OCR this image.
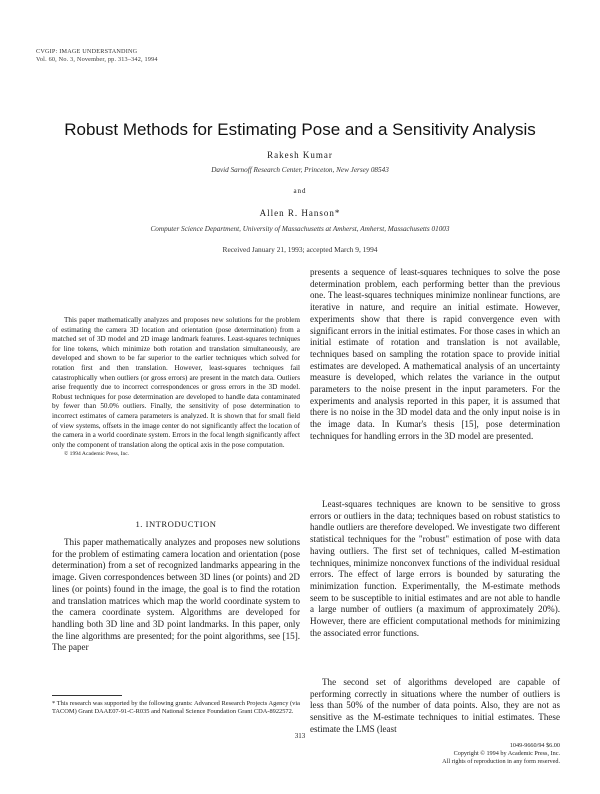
CVGIP: IMAGE UNDERSTANDING
Vol. 60, No. 3, November, pp. 313–342, 1994
Robust Methods for Estimating Pose and a Sensitivity Analysis
Rakesh Kumar
David Sarnoff Research Center, Princeton, New Jersey 08543
and
Allen R. Hanson*
Computer Science Department, University of Massachusetts at Amherst, Amherst, Massachusetts 01003
Received January 21, 1993; accepted March 9, 1994

This paper mathematically analyzes and proposes new solutions for the problem of estimating the camera 3D location and orientation (pose determination) from a matched set of 3D model and 2D image landmark features. Least-squares techniques for line tokens, which minimize both rotation and translation simultaneously, are developed and shown to be far superior to the earlier techniques which solved for rotation first and then translation. However, least-squares techniques fail catastrophically when outliers (or gross errors) are present in the match data. Outliers arise frequently due to incorrect correspondences or gross errors in the 3D model. Robust techniques for pose determination are developed to handle data contaminated by fewer than 50.0% outliers. Finally, the sensitivity of pose determination to incorrect estimates of camera parameters is analyzed. It is shown that for small field of view systems, offsets in the image center do not significantly affect the location of the camera in a world coordinate system. Errors in the focal length significantly affect only the component of translation along the optical axis in the pose computation.

© 1994 Academic Press, Inc.

1. INTRODUCTION

This paper mathematically analyzes and proposes new solutions for the problem of estimating camera location and orientation (pose determination) from a set of recognized landmarks appearing in the image. Given correspondences between 3D lines (or points) and 2D lines (or points) found in the image, the goal is to find the rotation and translation matrices which map the world coordinate system to the camera coordinate system. Algorithms are developed for handling both 3D line and 3D point landmarks. In this paper, only the line algorithms are presented; for the point algorithms, see [15]. The paper

* This research was supported by the following grants: Advanced Research Projects Agency (via TACOM) Grant DAAE07-91-C-R035 and National Science Foundation Grant CDA-8922572.

presents a sequence of least-squares techniques to solve the pose determination problem, each performing better than the previous one. The least-squares techniques minimize nonlinear functions, are iterative in nature, and require an initial estimate. However, experiments show that there is rapid convergence even with significant errors in the initial estimates. For those cases in which an initial estimate of rotation and translation is not available, techniques based on sampling the rotation space to provide initial estimates are developed. A mathematical analysis of an uncertainty measure is developed, which relates the variance in the output parameters to the noise present in the input parameters. For the experiments and analysis reported in this paper, it is assumed that there is no noise in the 3D model data and the only input noise is in the image data. In Kumar's thesis [15], pose determination techniques for handling errors in the 3D model are presented.

Least-squares techniques are known to be sensitive to gross errors or outliers in the data; techniques based on robust statistics to handle outliers are therefore developed. We investigate two different statistical techniques for the "robust" estimation of pose with data having outliers. The first set of techniques, called M-estimation techniques, minimize nonconvex functions of the individual residual errors. The effect of large errors is bounded by saturating the minimization function. Experimentally, the M-estimate methods seem to be susceptible to initial estimates and are not able to handle a large number of outliers (a maximum of approximately 20%). However, there are efficient computational methods for minimizing the associated error functions.

The second set of algorithms developed are capable of performing correctly in situations where the number of outliers is less than 50% of the number of data points. Also, they are not as sensitive as the M-estimate techniques to initial estimates. These estimate the LMS (least

313
1049-9660/94 $6.00
Copyright © 1994 by Academic Press, Inc.
All rights of reproduction in any form reserved.
